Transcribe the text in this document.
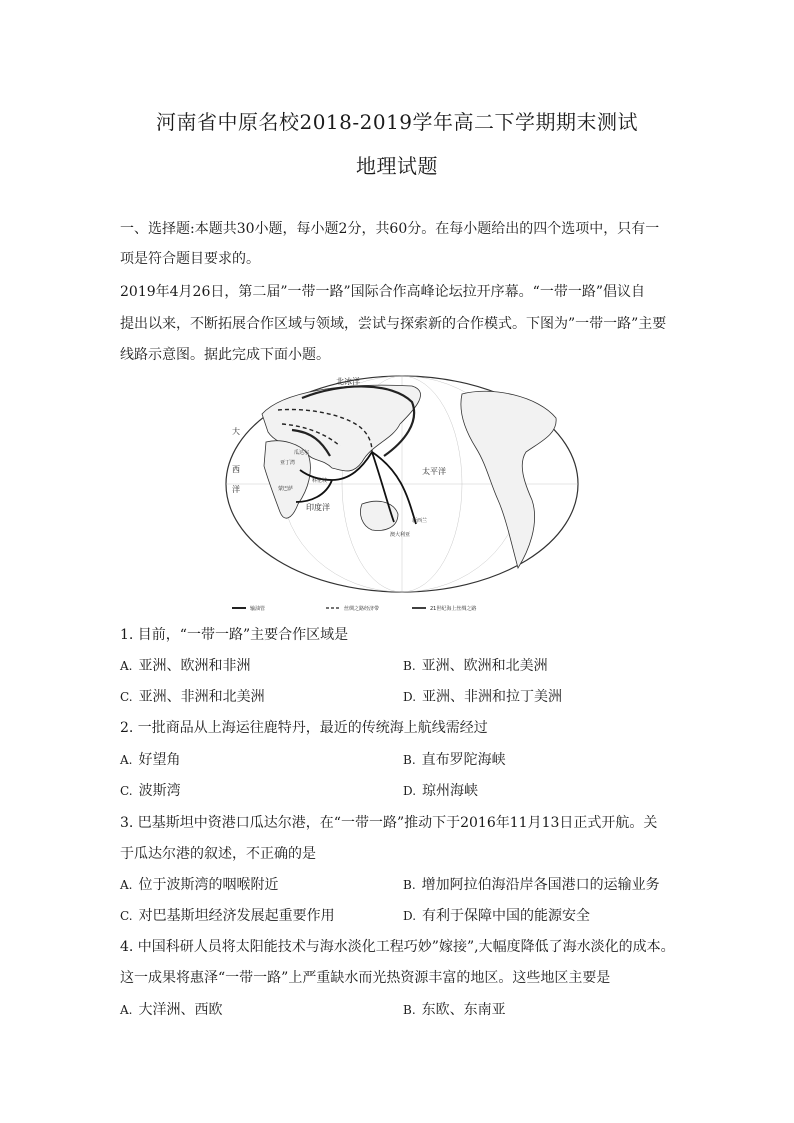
河南省中原名校2018-2019学年高二下学期期末测试
地理试题
一、选择题:本题共30小题，每小题2分，共60分。在每小题给出的四个选项中，只有一
项是符合题目要求的。
2019年4月26日，第二届”一带一路”国际合作高峰论坛拉开序幕。“一带一路”倡议自
提出以来，不断拓展合作区域与领域，尝试与探索新的合作模式。下图为”一带一路”主要
线路示意图。据此完成下面小题。
北冰洋
太平洋
印度洋
大
西
洋	蒙巴萨
亚丁湾
科伦坡
瓜达尔
新西兰
澳大利亚
输油管	丝绸之路经济带	21世纪海上丝绸之路
1. 目前，“一带一路”主要合作区域是
A. 亚洲、欧洲和非洲	B. 亚洲、欧洲和北美洲
C. 亚洲、非洲和北美洲	D. 亚洲、非洲和拉丁美洲
2. 一批商品从上海运往鹿特丹，最近的传统海上航线需经过
A. 好望角	B. 直布罗陀海峡
C. 波斯湾	D. 琼州海峡
3. 巴基斯坦中资港口瓜达尔港，在“一带一路”推动下于2016年11月13日正式开航。关
于瓜达尔港的叙述，不正确的是
A. 位于波斯湾的咽喉附近	B. 增加阿拉伯海沿岸各国港口的运输业务
C. 对巴基斯坦经济发展起重要作用	D. 有利于保障中国的能源安全
4. 中国科研人员将太阳能技术与海水淡化工程巧妙”嫁接”,大幅度降低了海水淡化的成本。
这一成果将惠泽“一带一路”上严重缺水而光热资源丰富的地区。这些地区主要是
A. 大洋洲、西欧	B. 东欧、东南亚
